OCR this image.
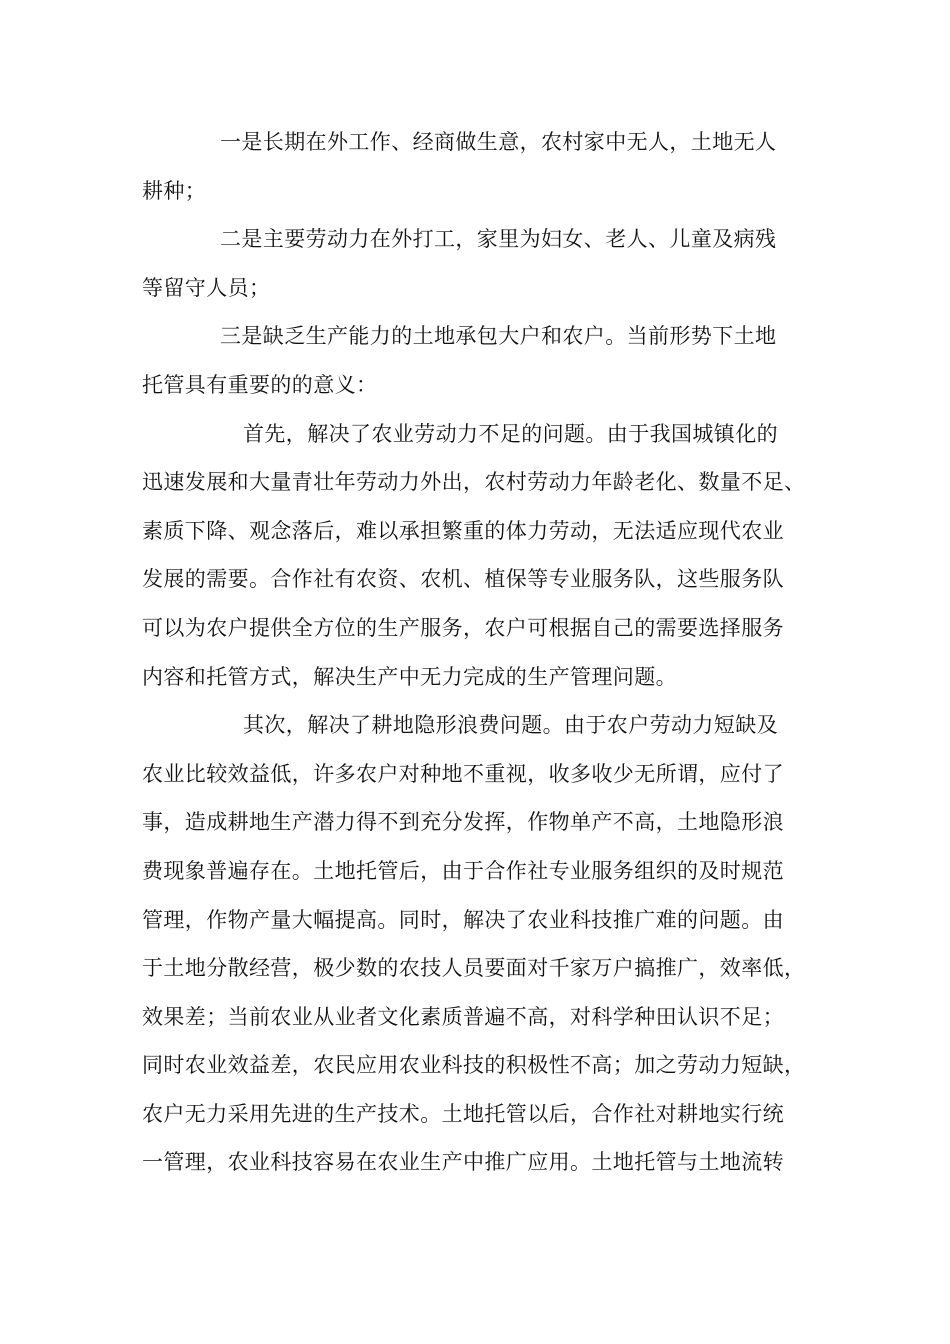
一是长期在外工作、经商做生意，农村家中无人，土地无人
耕种；

二是主要劳动力在外打工，家里为妇女、老人、儿童及病残
等留守人员；

三是缺乏生产能力的土地承包大户和农户。当前形势下土地
托管具有重要的的意义：

首先，解决了农业劳动力不足的问题。由于我国城镇化的
迅速发展和大量青壮年劳动力外出，农村劳动力年龄老化、数量不足、
素质下降、观念落后，难以承担繁重的体力劳动，无法适应现代农业
发展的需要。合作社有农资、农机、植保等专业服务队，这些服务队
可以为农户提供全方位的生产服务，农户可根据自己的需要选择服务
内容和托管方式，解决生产中无力完成的生产管理问题。

其次，解决了耕地隐形浪费问题。由于农户劳动力短缺及
农业比较效益低，许多农户对种地不重视，收多收少无所谓，应付了
事，造成耕地生产潜力得不到充分发挥，作物单产不高，土地隐形浪
费现象普遍存在。土地托管后，由于合作社专业服务组织的及时规范
管理，作物产量大幅提高。同时，解决了农业科技推广难的问题。由
于土地分散经营，极少数的农技人员要面对千家万户搞推广，效率低，
效果差；当前农业从业者文化素质普遍不高，对科学种田认识不足；
同时农业效益差，农民应用农业科技的积极性不高；加之劳动力短缺，
农户无力采用先进的生产技术。土地托管以后，合作社对耕地实行统
一管理，农业科技容易在农业生产中推广应用。土地托管与土地流转
